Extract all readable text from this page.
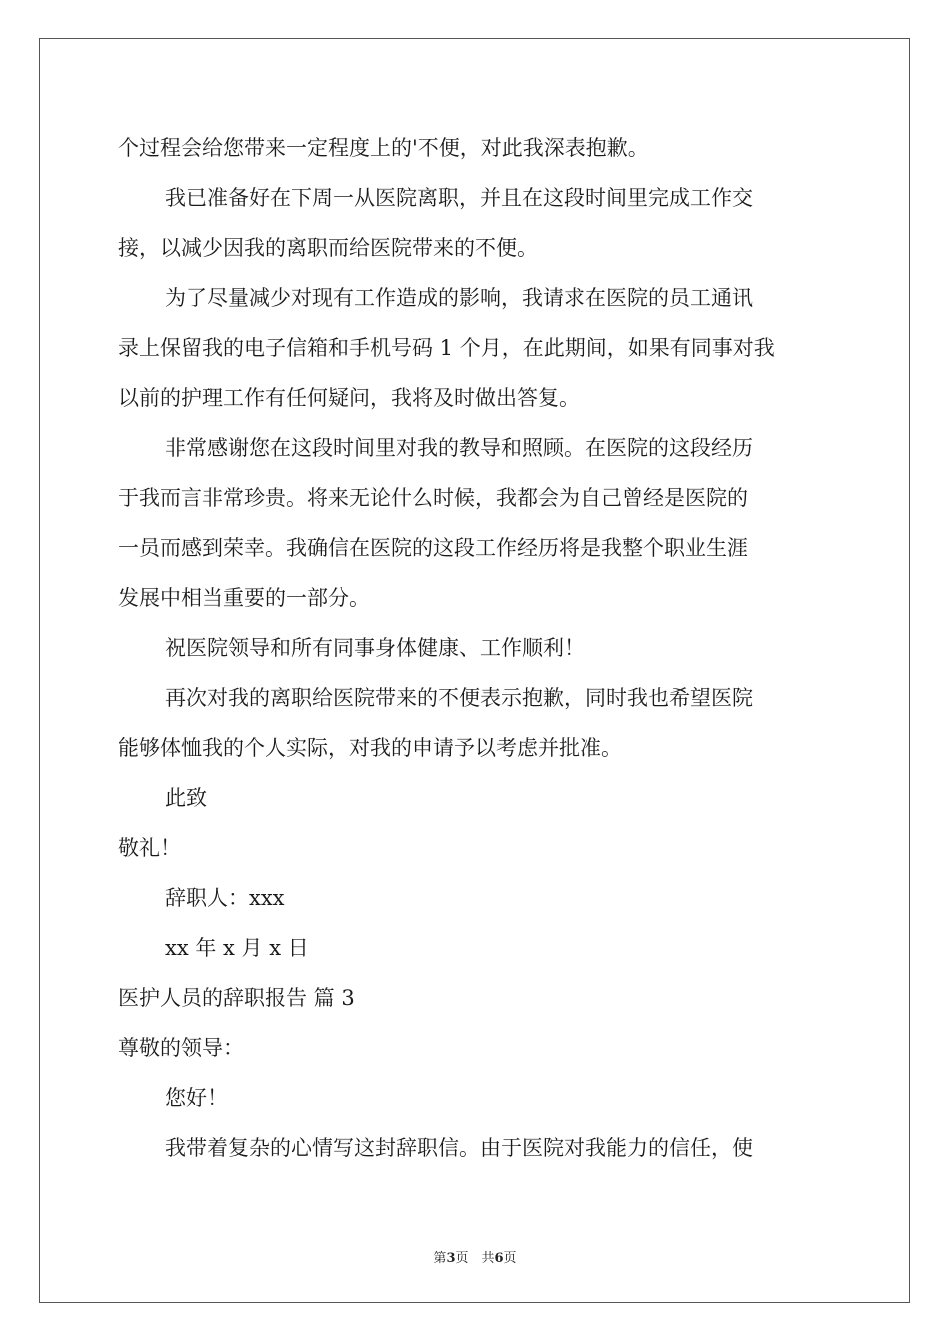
个过程会给您带来一定程度上的'不便，对此我深表抱歉。
我已准备好在下周一从医院离职，并且在这段时间里完成工作交
接，以减少因我的离职而给医院带来的不便。
为了尽量减少对现有工作造成的影响，我请求在医院的员工通讯
录上保留我的电子信箱和手机号码 1 个月，在此期间，如果有同事对我
以前的护理工作有任何疑问，我将及时做出答复。
非常感谢您在这段时间里对我的教导和照顾。在医院的这段经历
于我而言非常珍贵。将来无论什么时候，我都会为自己曾经是医院的
一员而感到荣幸。我确信在医院的这段工作经历将是我整个职业生涯
发展中相当重要的一部分。
祝医院领导和所有同事身体健康、工作顺利！
再次对我的离职给医院带来的不便表示抱歉，同时我也希望医院
能够体恤我的个人实际，对我的申请予以考虑并批准。
此致
敬礼！
辞职人：xxx
xx 年 x 月 x 日
医护人员的辞职报告 篇 3
尊敬的领导：
您好！
我带着复杂的心情写这封辞职信。由于医院对我能力的信任，使
第3页　共6页
